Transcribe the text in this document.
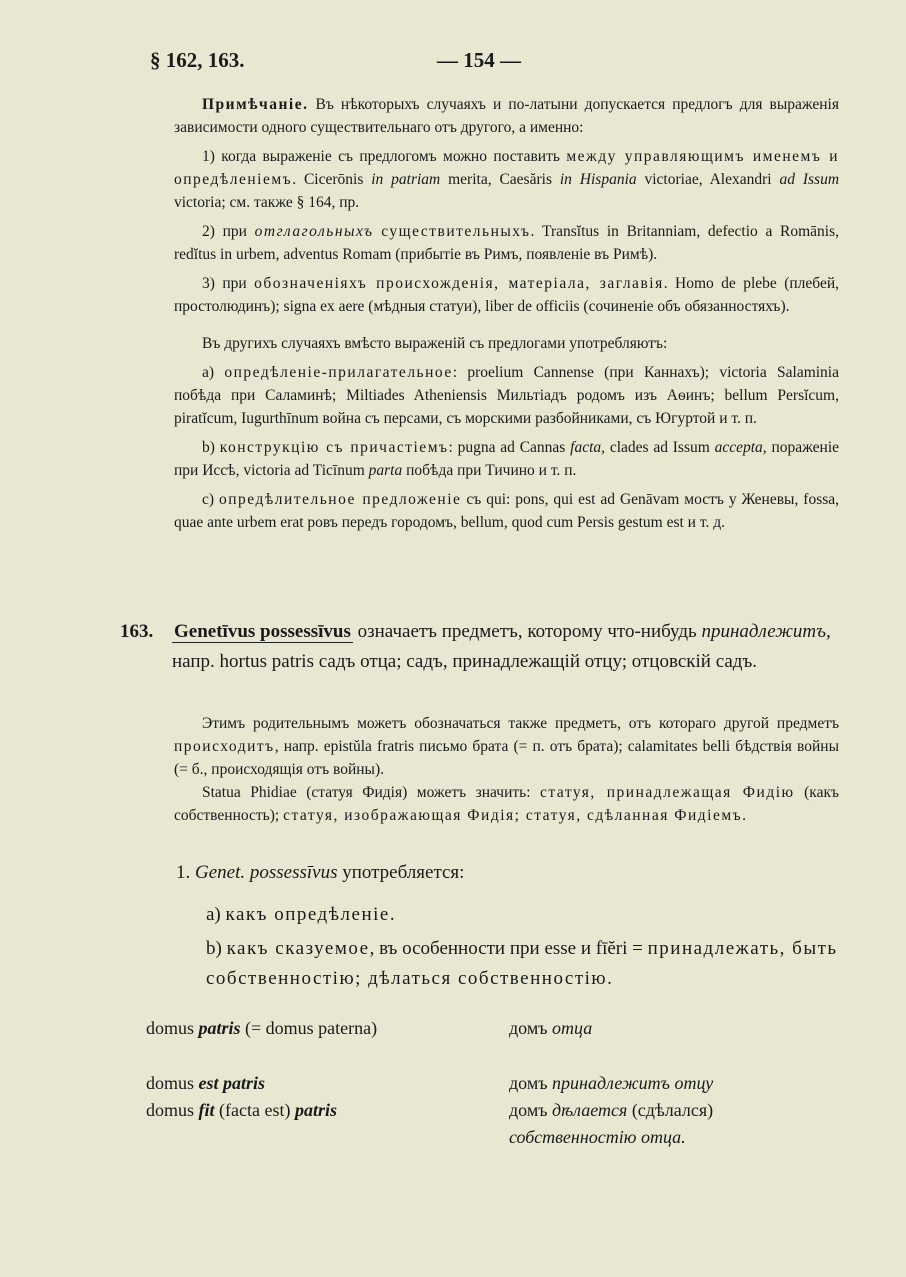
§ 162, 163.	— 154 —

Примѣчаніе. Въ нѣкоторыхъ случаяхъ и по-латыни допускается предлогъ для выраженія зависимости одного существительнаго отъ другого, а именно:

1) когда выраженіе съ предлогомъ можно поставить между управляющимъ именемъ и опредѣленіемъ. Cicerōnis in patriam merita, Caesăris in Hispania victoriae, Alexandri ad Issum victoria; см. также § 164, пр.

2) при отглагольныхъ существительныхъ. Transĭtus in Britanniam, defectio a Romānis, redĭtus in urbem, adventus Romam (прибытіе въ Римъ, появленіе въ Римѣ).

3) при обозначеніяхъ происхожденія, матеріала, заглавія. Homo de plebe (плебей, простолюдинъ); signa ex aere (мѣдныя статуи), liber de officiis (сочиненіе объ обязанностяхъ).

Въ другихъ случаяхъ вмѣсто выраженій съ предлогами употребляютъ:

a) опредѣленіе-прилагательное: proelium Cannense (при Каннахъ); victoria Salaminia побѣда при Саламинѣ; Miltiades Atheniensis Мильтіадъ родомъ изъ Аѳинъ; bellum Persĭcum, piratĭcum, Iugurthīnum война съ персами, съ морскими разбойниками, съ Югуртой и т. п.

b) конструкцію съ причастіемъ: pugna ad Cannas facta, clades ad Issum accepta, пораженіе при Иссѣ, victoria ad Ticīnum parta побѣда при Тичино и т. п.

c) опредѣлительное предложеніе съ qui: pons, qui est ad Genāvam мостъ у Женевы, fossa, quae ante urbem erat ровъ передъ городомъ, bellum, quod cum Persis gestum est и т. д.

163. Genetīvus possessīvus означаетъ предметъ, которому что-нибудь принадлежитъ, напр. hortus patris садъ отца; садъ, принадлежащій отцу; отцовскій садъ.

Этимъ родительнымъ можетъ обозначаться также предметъ, отъ котораго другой предметъ происходитъ, напр. epistŭla fratris письмо брата (= п. отъ брата); calamitates belli бѣдствія войны (= б., происходящія отъ войны).

Statua Phidiae (статуя Фидія) можетъ значить: статуя, принадлежащая Фидію (какъ собственность); статуя, изображающая Фидія; статуя, сдѣланная Фидіемъ.

1. Genet. possessīvus употребляется:
a) какъ опредѣленіе.
b) какъ сказуемое, въ особенности при esse и fīĕri = принадлежать, быть собственностію; дѣлаться собственностію.
domus patris (= domus paterna)	домъ отца
domus est patris	домъ принадлежитъ отцу
domus fit (facta est) patris	домъ дѣлается (сдѣлался) собственностію отца.
